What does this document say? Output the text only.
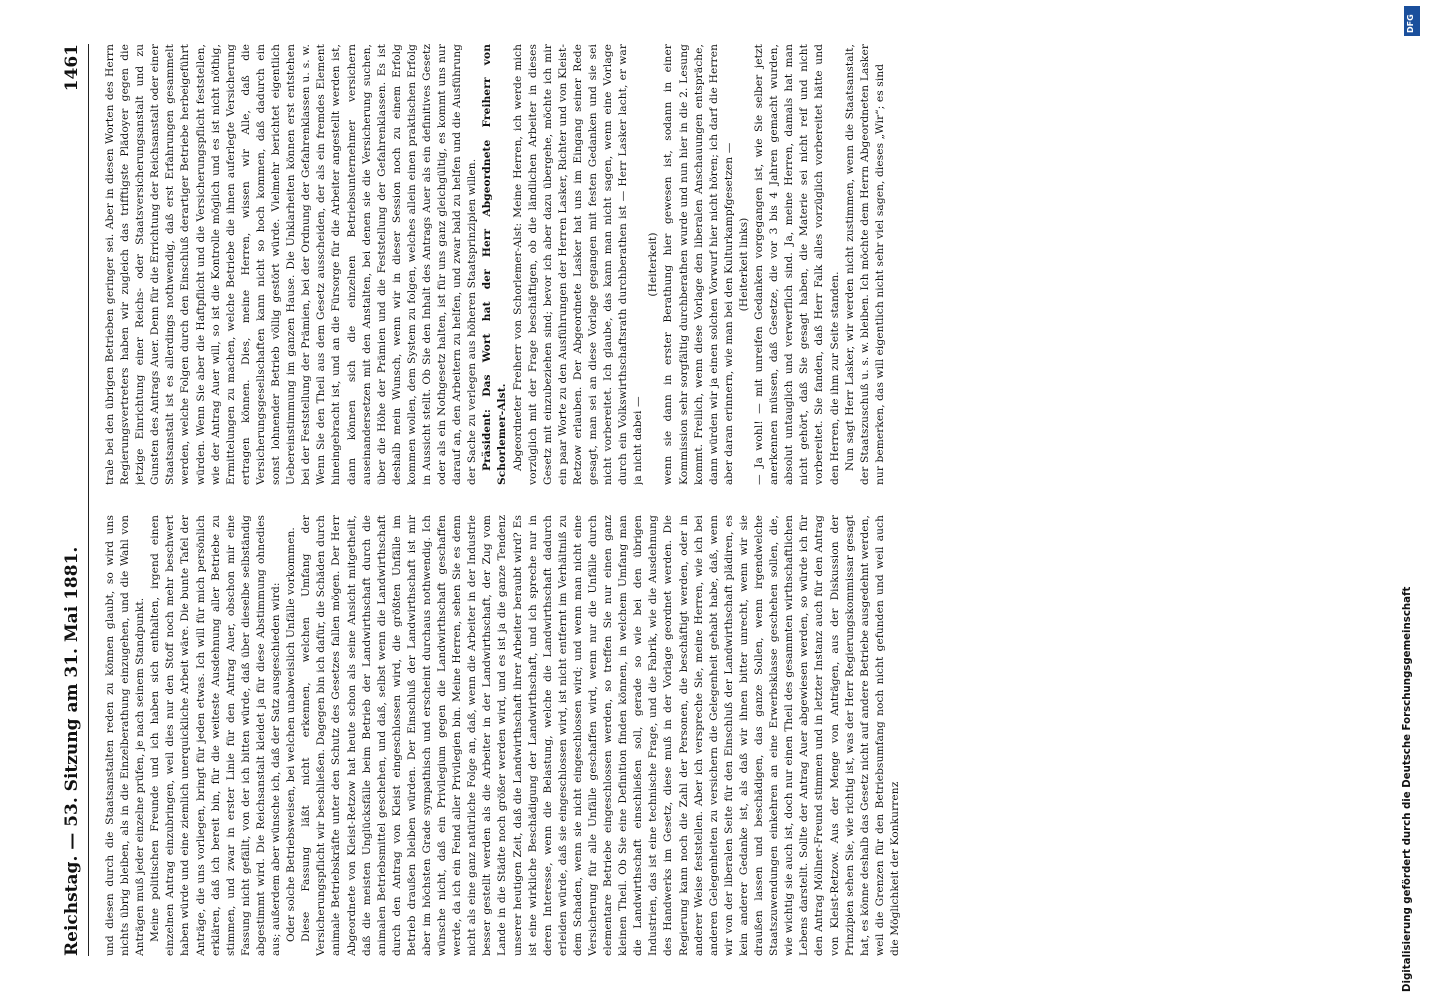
Reichstag. — 53. Sitzung am 31. Mai 1881.
1461

und diesen durch die Staatsanstalten reden zu können glaubt, so wird uns nichts übrig bleiben, als in die Einzelberathung einzugehen, und die Wahl von Anträgen muß jeder einzelne prüfen, je nach seinem Standpunkt. Meine politischen Freunde und ich haben sich enthalten, irgend einen einzelnen Antrag einzubringen, weil dies nur den Stoff noch mehr beschwert haben würde und eine ziemlich unerquickliche Arbeit wäre. Die bunte Tafel der Anträge, die uns vorliegen, bringt für jeden etwas. Ich will für mich persönlich erklären, daß ich bereit bin, für die weiteste Ausdehnung aller Betriebe zu stimmen, und zwar in erster Linie für den Antrag Auer, obschon mir eine Fassung nicht gefällt, von der ich bitten würde, daß über dieselbe selbständig abgestimmt wird. Die Reichsanstalt kleidet ja für diese Abstimmung ohnedies aus; außerdem aber wünsche ich, daß der Satz ausgeschieden wird: Oder solche Betriebsweisen, bei welchen unabweislich Unfälle vorkommen. Diese Fassung läßt nicht erkennen, welchen Umfang der Versicherungspflicht wir beschließen. Dagegen bin ich dafür, die Schäden durch animale Betriebskräfte unter den Schutz des Gesetzes fallen mögen. Der Herr Abgeordnete von Kleist-Retzow hat heute schon als seine Ansicht mitgetheilt, daß die meisten Unglücksfälle beim Betrieb der Landwirthschaft durch die animalen Betriebsmittel geschehen, und daß, selbst wenn die Landwirthschaft durch den Antrag von Kleist eingeschlossen wird, die größten Unfälle im Betrieb draußen bleiben würden. Der Einschluß der Landwirthschaft ist mir aber im höchsten Grade sympathisch und erscheint durchaus nothwendig. Ich wünsche nicht, daß ein Privilegium gegen die Landwirthschaft geschaffen werde, da ich ein Feind aller Privilegien bin. Meine Herren, sehen Sie es denn nicht als eine ganz natürliche Folge an, daß, wenn die Arbeiter in der Industrie besser gestellt werden als die Arbeiter in der Landwirthschaft, der Zug vom Lande in die Städte noch größer werden wird, und es ist ja die ganze Tendenz unserer heutigen Zeit, daß die Landwirthschaft ihrer Arbeiter beraubt wird? Es ist eine wirkliche Beschädigung der Landwirthschaft, und ich spreche nur in deren Interesse, wenn die Belastung, welche die Landwirthschaft dadurch erleiden würde, daß sie eingeschlossen wird, ist nicht entfernt im Verhältniß zu dem Schaden, wenn sie nicht eingeschlossen wird; und wenn man nicht eine Versicherung für alle Unfälle geschaffen wird, wenn nur die Unfälle durch elementare Betriebe eingeschlossen werden, so treffen Sie nur einen ganz kleinen Theil. Ob Sie eine Definition finden können, in welchem Umfang man die Landwirthschaft einschließen soll, gerade so wie bei den übrigen Industrien, das ist eine technische Frage, und die Fabrik, wie die Ausdehnung des Handwerks im Gesetz, diese muß in der Vorlage geordnet werden. Die Regierung kann noch die Zahl der Personen, die beschäftigt werden, oder in anderer Weise feststellen. Aber ich verspreche Sie, meine Herren, wie ich bei anderen Gelegenheiten zu versichern die Gelegenheit gehabt habe, daß, wenn wir von der liberalen Seite für den Einschluß der Landwirthschaft plädiren, es kein anderer Gedanke ist, als daß wir ihnen bitter unrecht, wenn wir sie draußen lassen und beschädigen, das ganze Sollen, wenn irgendwelche Staatszuwendungen einkehren an eine Erwerbsklasse geschehen sollen, die, wie wichtig sie auch ist, doch nur einen Theil des gesammten wirthschaftlichen Lebens darstellt. Sollte der Antrag Auer abgewiesen werden, so würde ich für den Antrag Möllner-Freund stimmen und in letzter Instanz auch für den Antrag von Kleist-Retzow. Aus der Menge von Anträgen, aus der Diskussion der Prinzipien sehen Sie, wie richtig ist, was der Herr Regierungskommissar gesagt hat, es könne deshalb das Gesetz nicht auf andere Betriebe ausgedehnt werden, weil die Grenzen für den Betriebsumfang noch nicht gefunden und weil auch die Möglichkeit der Konkurrenz

trale bei den übrigen Betrieben geringer sei. Aber in diesen Worten des Herrn Regierungsvertreters haben wir zugleich das trifftigste Plädoyer gegen die jetzige Einrichtung einer Reichs- oder Staatsversicherungsanstalt und zu Gunsten des Antrags Auer. Denn für die Errichtung der Reichsanstalt oder einer Staatsanstalt ist es allerdings nothwendig, daß erst Erfahrungen gesammelt werden, welche Folgen durch den Einschluß derartiger Betriebe herbeigeführt würden. Wenn Sie aber die Haftpflicht und die Versicherungspflicht feststellen, wie der Antrag Auer will, so ist die Kontrolle möglich und es ist nicht nöthig, Ermittelungen zu machen, welche Betriebe die ihnen auferlegte Versicherung ertragen können. Dies, meine Herren, wissen wir Alle, daß die Versicherungsgesellschaften kann nicht so hoch kommen, daß dadurch ein sonst lohnender Betrieb völlig gestört würde. Vielmehr berichtet eigentlich Uebereinstimmung im ganzen Hause. Die Unklarheiten können erst entstehen bei der Feststellung der Prämien, bei der Ordnung der Gefahrenklassen u. s. w. Wenn Sie den Theil aus dem Gesetz ausscheiden, der als ein fremdes Element hineingebracht ist, und an die Fürsorge für die Arbeiter angestellt werden ist, dann können sich die einzelnen Betriebsunternehmer versichern auseinandersetzen mit den Anstalten, bei denen sie die Versicherung suchen, über die Höhe der Prämien und die Feststellung der Gefahrenklassen. Es ist deshalb mein Wunsch, wenn wir in dieser Session noch zu einem Erfolg kommen wollen, dem System zu folgen, welches allein einen praktischen Erfolg in Aussicht stellt. Ob Sie den Inhalt des Antrags Auer als ein definitives Gesetz oder als ein Nothgesetz halten, ist für uns ganz gleichgültig, es kommt uns nur darauf an, den Arbeitern zu helfen, und zwar bald zu helfen und die Ausführung der Sache zu verlegen aus höheren Staatsprinzipien willen. Präsident: Das Wort hat der Herr Abgeordnete Freiherr von Schorlemer-Alst. Abgeordneter Freiherr von Schorlemer-Alst: Meine Herren, ich werde mich vorzüglich mit der Frage beschäftigen, ob die ländlichen Arbeiter in dieses Gesetz mit einzubeziehen sind; bevor ich aber dazu übergehe, möchte ich mir ein paar Worte zu den Ausführungen der Herren Lasker, Richter und von Kleist-Retzow erlauben. Der Abgeordnete Lasker hat uns im Eingang seiner Rede gesagt, man sei an diese Vorlage gegangen mit festen Gedanken und sie sei nicht vorbereitet. Ich glaube, das kann man nicht sagen, wenn eine Vorlage durch ein Volkswirthschaftsrath durchberathen ist — Herr Lasker lacht, er war ja nicht dabei —

(Heiterkeit) wenn sie dann in erster Berathung hier gewesen ist, sodann in einer Kommission sehr sorgfältig durchberathen wurde und nun hier in die 2. Lesung kommt. Freilich, wenn diese Vorlage den liberalen Anschauungen entspräche, dann würden wir ja einen solchen Vorwurf hier nicht hören; ich darf die Herren aber daran erinnern, wie man bei den Kulturkampfgesetzen — (Heiterkeit links) — Ja wohl! — mit unreifen Gedanken vorgegangen ist, wie Sie selber jetzt anerkennen müssen, daß Gesetze, die vor 3 bis 4 Jahren gemacht wurden, absolut untauglich und verwerflich sind. Ja, meine Herren, damals hat man nicht gehört, daß Sie gesagt haben, die Materie sei nicht reif und nicht vorbereitet. Sie fanden, daß Herr Falk alles vorzüglich vorbereitet hätte und den Herren, die ihm zur Seite standen. Nun sagt Herr Lasker, wir werden nicht zustimmen, wenn die Staatsanstalt, der Staatszuschuß u. s. w. bleiben. Ich möchte dem Herrn Abgeordneten Lasker nur bemerken, das will eigentlich nicht sehr viel sagen, dieses „Wir“; es sind

Digitalisierung gefördert durch die Deutsche Forschungsgemeinschaft
DFG
